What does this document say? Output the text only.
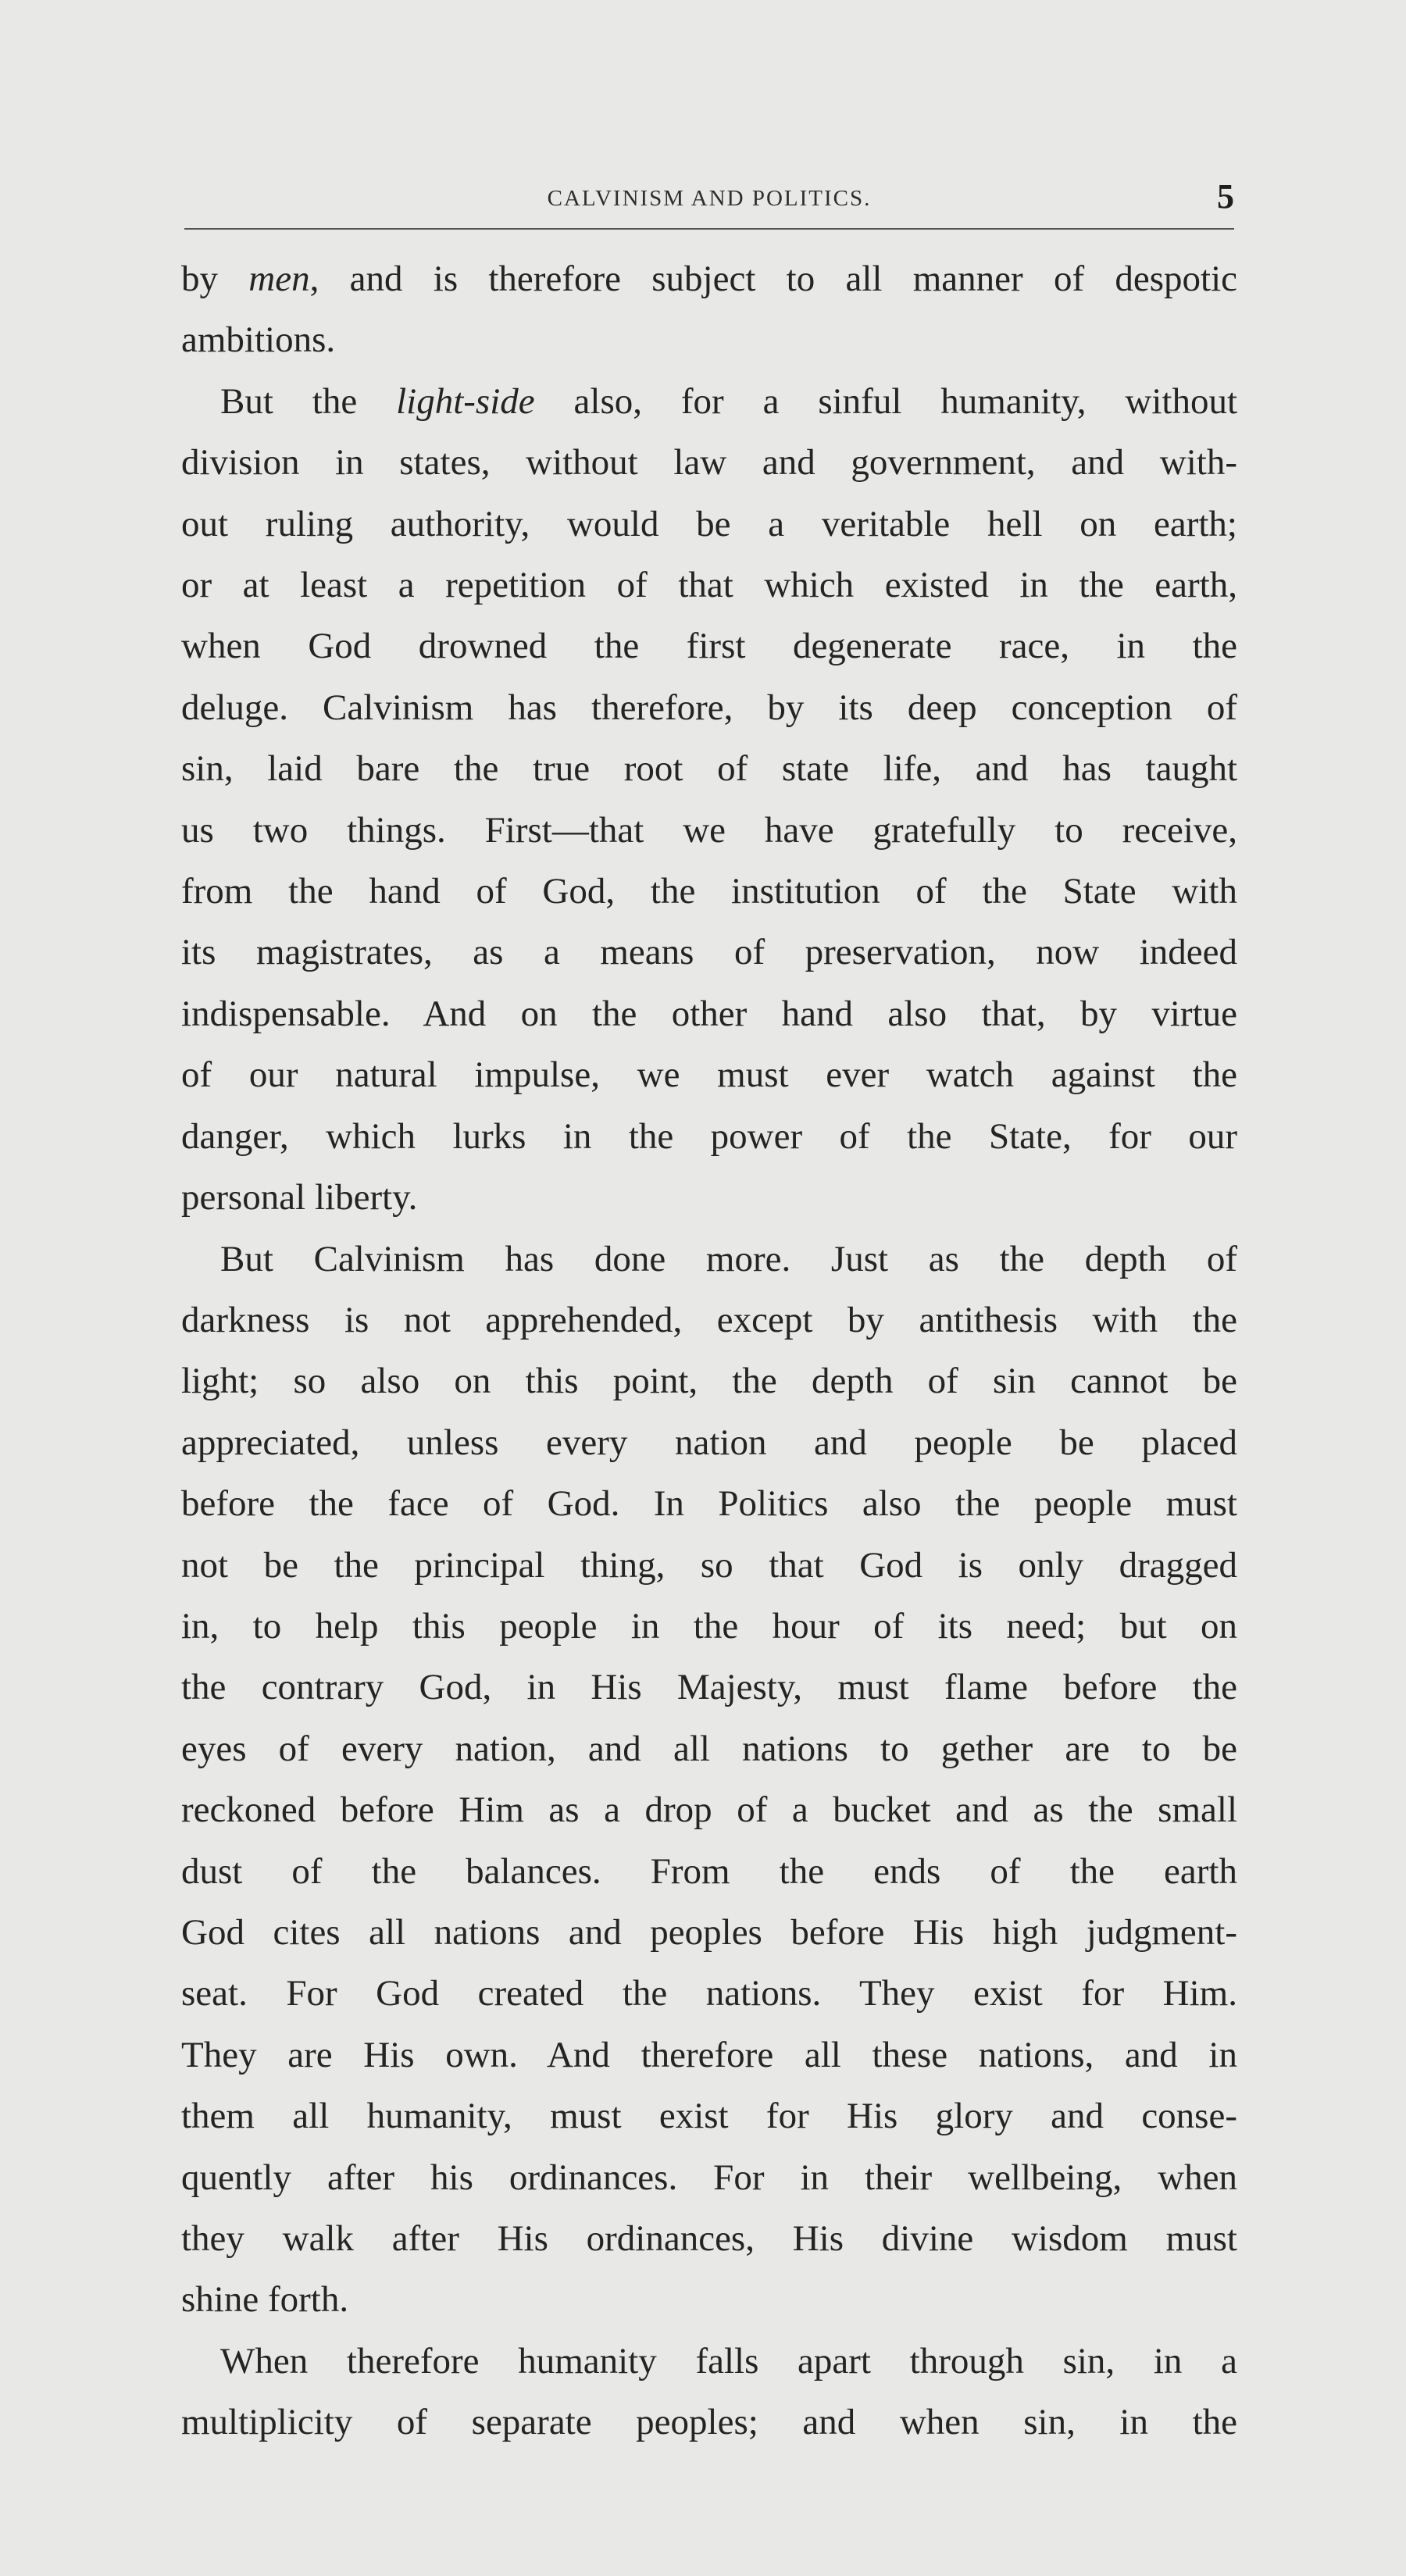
CALVINISM AND POLITICS.	5
by men, and is therefore subject to all manner of despotic
ambitions.
But the light-side also, for a sinful humanity, without
division in states, without law and government, and with-
out ruling authority, would be a veritable hell on earth;
or at least a repetition of that which existed in the earth,
when God drowned the first degenerate race, in the
deluge. Calvinism has therefore, by its deep conception of
sin, laid bare the true root of state life, and has taught
us two things. First—that we have gratefully to receive,
from the hand of God, the institution of the State with
its magistrates, as a means of preservation, now indeed
indispensable. And on the other hand also that, by virtue
of our natural impulse, we must ever watch against the
danger, which lurks in the power of the State, for our
personal liberty.
But Calvinism has done more. Just as the depth of
darkness is not apprehended, except by antithesis with the
light; so also on this point, the depth of sin cannot be
appreciated, unless every nation and people be placed
before the face of God. In Politics also the people must
not be the principal thing, so that God is only dragged
in, to help this people in the hour of its need; but on
the contrary God, in His Majesty, must flame before the
eyes of every nation, and all nations to gether are to be
reckoned before Him as a drop of a bucket and as the small
dust of the balances. From the ends of the earth
God cites all nations and peoples before His high judgment-
seat. For God created the nations. They exist for Him.
They are His own. And therefore all these nations, and in
them all humanity, must exist for His glory and conse-
quently after his ordinances. For in their wellbeing, when
they walk after His ordinances, His divine wisdom must
shine forth.
When therefore humanity falls apart through sin, in a
multiplicity of separate peoples; and when sin, in the
